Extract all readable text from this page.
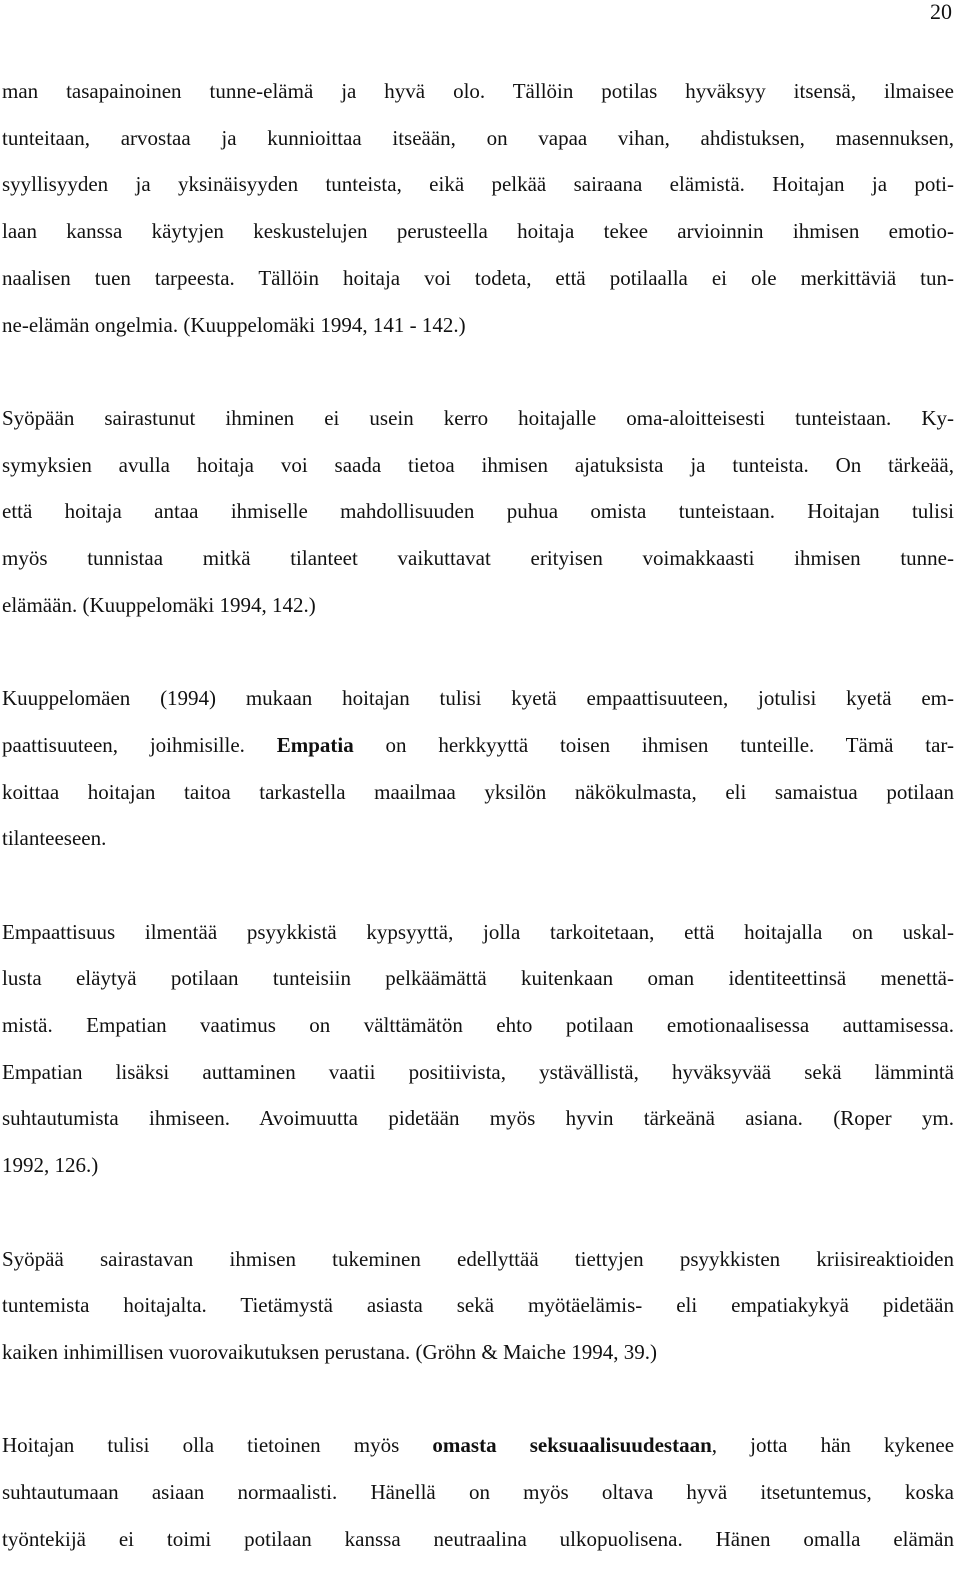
20

man tasapainoinen tunne-elämä ja hyvä olo. Tällöin potilas hyväksyy itsensä, ilmaisee
tunteitaan, arvostaa ja kunnioittaa itseään, on vapaa vihan, ahdistuksen, masennuksen,
syyllisyyden ja yksinäisyyden tunteista, eikä pelkää sairaana elämistä. Hoitajan ja poti-
laan kanssa käytyjen keskustelujen perusteella hoitaja tekee arvioinnin ihmisen emotio-
naalisen tuen tarpeesta. Tällöin hoitaja voi todeta, että potilaalla ei ole merkittäviä tun-
ne-elämän ongelmia. (Kuuppelomäki 1994, 141 - 142.)

Syöpään sairastunut ihminen ei usein kerro hoitajalle oma-aloitteisesti tunteistaan. Ky-
symyksien avulla hoitaja voi saada tietoa ihmisen ajatuksista ja tunteista. On tärkeää,
että hoitaja antaa ihmiselle mahdollisuuden puhua omista tunteistaan. Hoitajan tulisi
myös tunnistaa mitkä tilanteet vaikuttavat erityisen voimakkaasti ihmisen tunne-
elämään. (Kuuppelomäki 1994, 142.)

Kuuppelomäen (1994) mukaan hoitajan tulisi kyetä empaattisuuteen, jotulisi kyetä em-
paattisuuteen, joihmisille. Empatia on herkkyyttä toisen ihmisen tunteille. Tämä tar-
koittaa hoitajan taitoa tarkastella maailmaa yksilön näkökulmasta, eli samaistua potilaan
tilanteeseen.

Empaattisuus ilmentää psyykkistä kypsyyttä, jolla tarkoitetaan, että hoitajalla on uskal-
lusta eläytyä potilaan tunteisiin pelkäämättä kuitenkaan oman identiteettinsä menettä-
mistä. Empatian vaatimus on välttämätön ehto potilaan emotionaalisessa auttamisessa.
Empatian lisäksi auttaminen vaatii positiivista, ystävällistä, hyväksyvää sekä lämmintä
suhtautumista ihmiseen. Avoimuutta pidetään myös hyvin tärkeänä asiana. (Roper ym.
1992, 126.)

Syöpää sairastavan ihmisen tukeminen edellyttää tiettyjen psyykkisten kriisireaktioiden
tuntemista hoitajalta. Tietämystä asiasta sekä myötäelämis- eli empatiakykyä pidetään
kaiken inhimillisen vuorovaikutuksen perustana. (Gröhn & Maiche 1994, 39.)

Hoitajan tulisi olla tietoinen myös omasta seksuaalisuudestaan, jotta hän kykenee
suhtautumaan asiaan normaalisti. Hänellä on myös oltava hyvä itsetuntemus, koska
työntekijä ei toimi potilaan kanssa neutraalina ulkopuolisena. Hänen omalla elämän
